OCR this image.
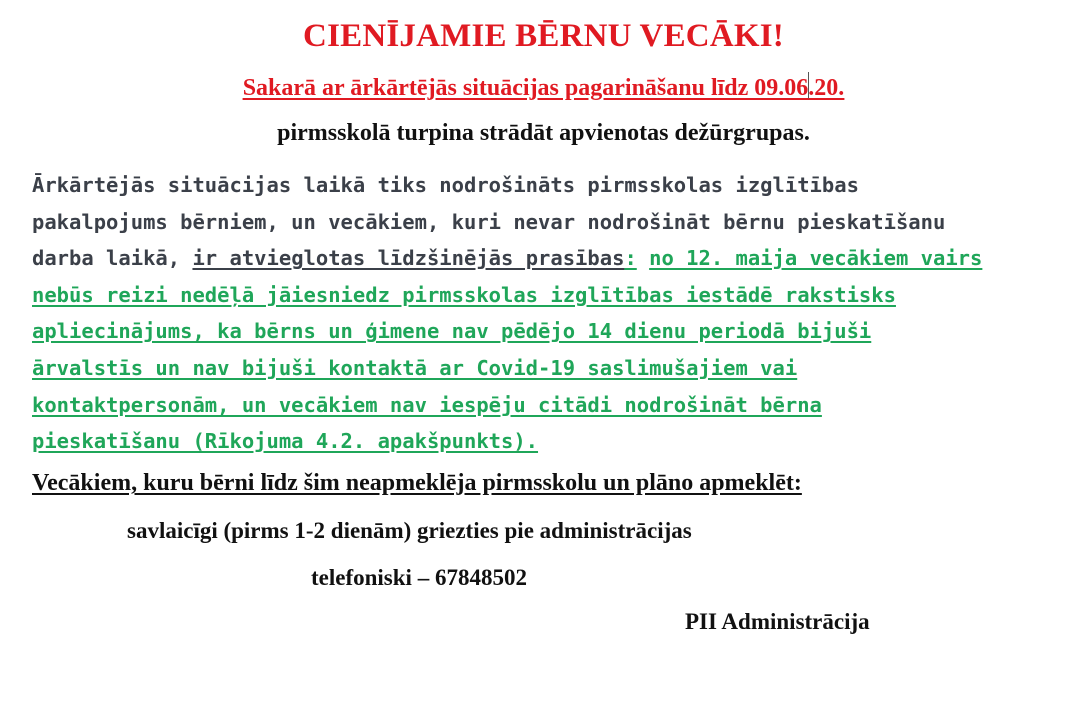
CIENĪJAMIE BĒRNU VECĀKI!
Sakarā ar ārkārtējās situācijas pagarināšanu līdz 09.06.20.
pirmsskolā turpina strādāt apvienotas dežūrgrupas.
Ārkārtējās situācijas laikā tiks nodrošināts pirmsskolas izglītības
pakalpojums bērniem, un vecākiem, kuri nevar nodrošināt bērnu pieskatīšanu
darba laikā, ir atvieglotas līdzšinējās prasības: no 12. maija vecākiem vairs
nebūs reizi nedēļā jāiesniedz pirmsskolas izglītības iestādē rakstisks
apliecinājums, ka bērns un ģimene nav pēdējo 14 dienu periodā bijuši
ārvalstīs un nav bijuši kontaktā ar Covid-19 saslimušajiem vai
kontaktpersonām, un vecākiem nav iespēju citādi nodrošināt bērna
pieskatīšanu (Rīkojuma 4.2. apakšpunkts).
Vecākiem, kuru bērni līdz šim neapmeklēja pirmsskolu un plāno apmeklēt:
savlaicīgi (pirms 1-2 dienām) griezties pie administrācijas
telefoniski – 67848502
PII Administrācija
